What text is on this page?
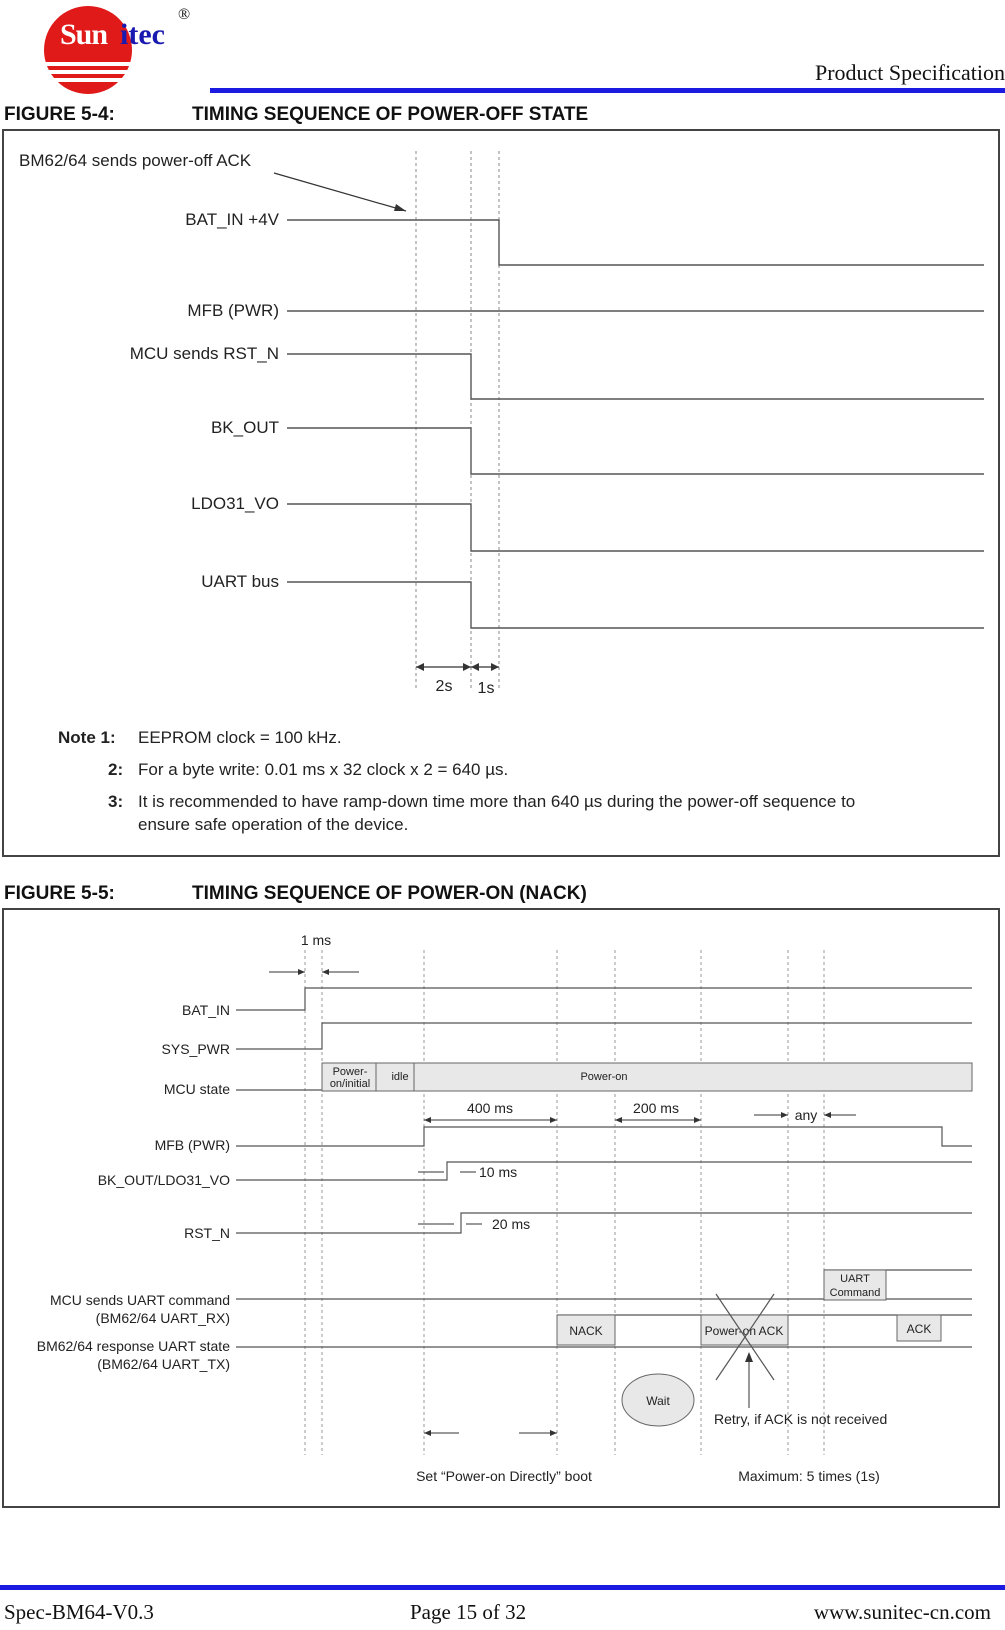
Sun itec
®
Product Specification
FIGURE 5-4:	TIMING SEQUENCE OF POWER-OFF STATE
BM62/64 sends power-off ACK
BAT_IN +4V
MFB (PWR)
MCU sends RST_N
BK_OUT
LDO31_VO
UART bus
2s 1s
Note 1: EEPROM clock = 100 kHz.
2: For a byte write: 0.01 ms x 32 clock x 2 = 640 µs.
3: It is recommended to have ramp-down time more than 640 µs during the power-off sequence to
ensure safe operation of the device.
FIGURE 5-5:	TIMING SEQUENCE OF POWER-ON (NACK)
1 ms
BAT_IN
SYS_PWR
MCU state
MFB (PWR)
BK_OUT/LDO31_VO
RST_N
MCU sends UART command
(BM62/64 UART_RX)
BM62/64 response UART state
(BM62/64 UART_TX)
Power-
on/initial
idle	Power-on
400 ms	200 ms	any
10 ms
20 ms
UART
Command
NACK	Power-on ACK	ACK
Wait
Retry, if ACK is not received
Set “Power-on Directly” boot	Maximum: 5 times (1s)
Spec-BM64-V0.3	Page 15 of 32	www.sunitec-cn.com
